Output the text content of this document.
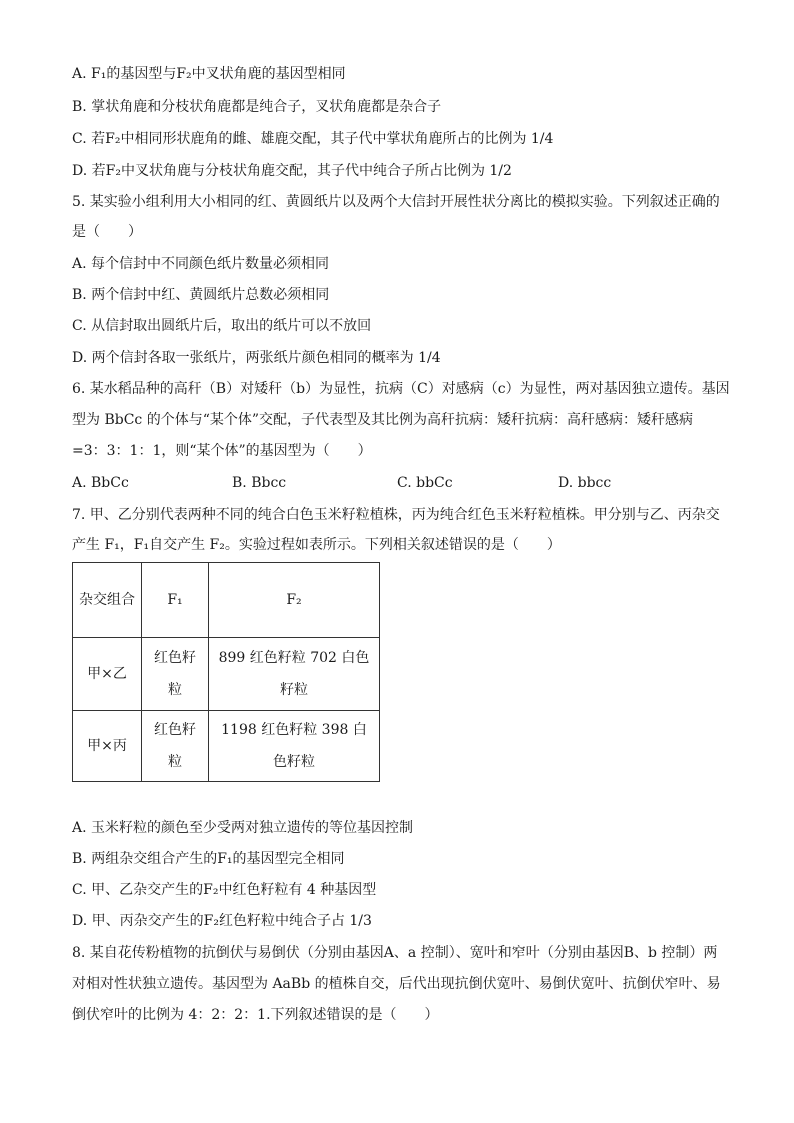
A. F₁的基因型与F₂中叉状角鹿的基因型相同
B. 掌状角鹿和分枝状角鹿都是纯合子，叉状角鹿都是杂合子
C. 若F₂中相同形状鹿角的雌、雄鹿交配，其子代中掌状角鹿所占的比例为 1/4
D. 若F₂中叉状角鹿与分枝状角鹿交配，其子代中纯合子所占比例为 1/2
5. 某实验小组利用大小相同的红、黄圆纸片以及两个大信封开展性状分离比的模拟实验。下列叙述正确的
是（　　）
A. 每个信封中不同颜色纸片数量必须相同
B. 两个信封中红、黄圆纸片总数必须相同
C. 从信封取出圆纸片后，取出的纸片可以不放回
D. 两个信封各取一张纸片，两张纸片颜色相同的概率为 1/4
6. 某水稻品种的高秆（B）对矮秆（b）为显性，抗病（C）对感病（c）为显性，两对基因独立遗传。基因
型为 BbCc 的个体与“某个体”交配，子代表型及其比例为高秆抗病：矮秆抗病：高秆感病：矮秆感病
=3：3：1：1，则“某个体”的基因型为（　　）
A. BbCc	B. Bbcc	C. bbCc	D. bbcc
7. 甲、乙分别代表两种不同的纯合白色玉米籽粒植株，丙为纯合红色玉米籽粒植株。甲分别与乙、丙杂交
产生 F₁，F₁自交产生 F₂。实验过程如表所示。下列相关叙述错误的是（　　）
杂交组合	F₁	F₂
甲×乙	红色籽粒	899 红色籽粒 702 白色籽粒
甲×丙	红色籽粒	1198 红色籽粒 398 白色籽粒
A. 玉米籽粒的颜色至少受两对独立遗传的等位基因控制
B. 两组杂交组合产生的F₁的基因型完全相同
C. 甲、乙杂交产生的F₂中红色籽粒有 4 种基因型
D. 甲、丙杂交产生的F₂红色籽粒中纯合子占 1/3
8. 某自花传粉植物的抗倒伏与易倒伏（分别由基因A、a 控制）、宽叶和窄叶（分别由基因B、b 控制）两
对相对性状独立遗传。基因型为 AaBb 的植株自交，后代出现抗倒伏宽叶、易倒伏宽叶、抗倒伏窄叶、易
倒伏窄叶的比例为 4：2：2：1.下列叙述错误的是（　　）
